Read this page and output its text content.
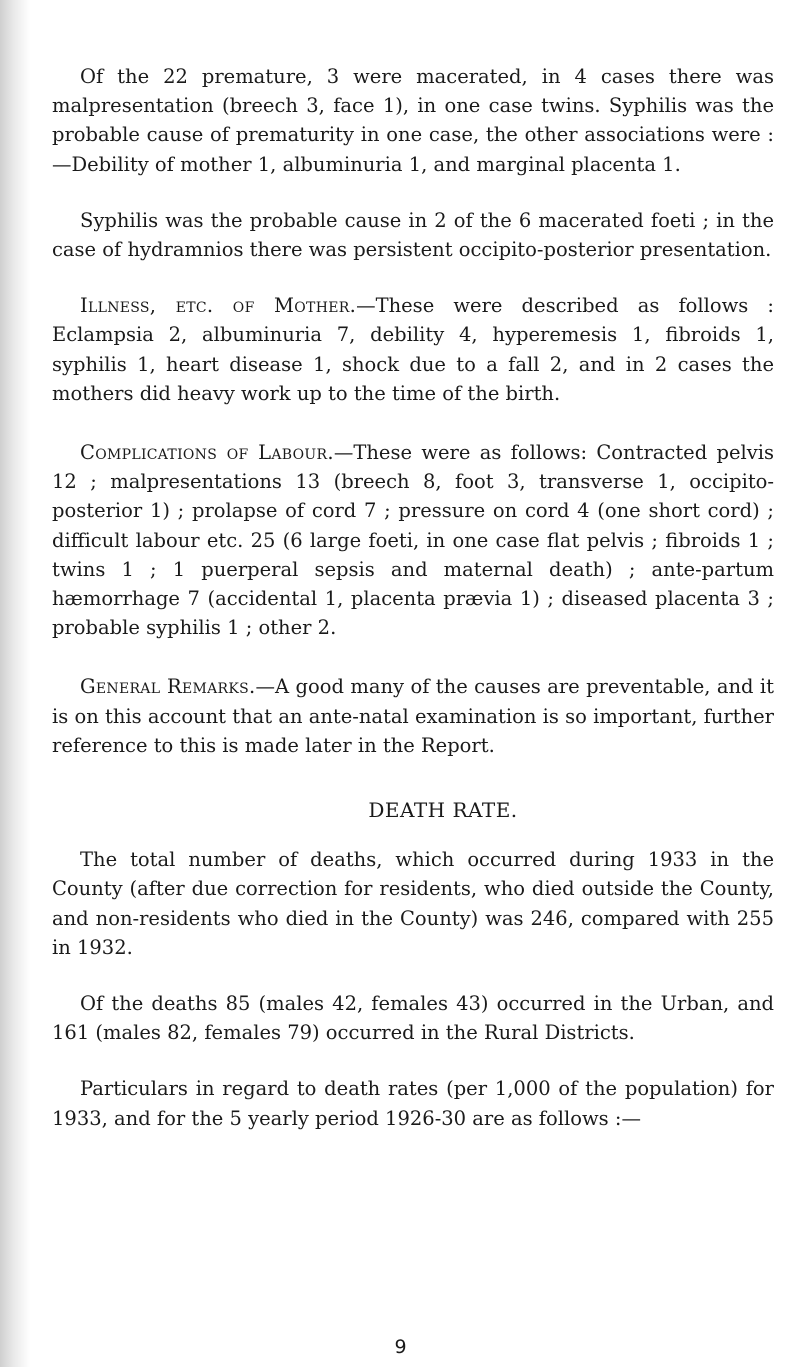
Of the 22 premature, 3 were macerated, in 4 cases there was malpresentation (breech 3, face 1), in one case twins. Syphilis was the probable cause of prematurity in one case, the other associations were :—Debility of mother 1, albuminuria 1, and marginal placenta 1.

Syphilis was the probable cause in 2 of the 6 macerated foeti ; in the case of hydramnios there was persistent occipito-posterior presentation.

Illness, etc. of Mother.—These were described as follows : Eclampsia 2, albuminuria 7, debility 4, hyperemesis 1, fibroids 1, syphilis 1, heart disease 1, shock due to a fall 2, and in 2 cases the mothers did heavy work up to the time of the birth.

Complications of Labour.—These were as follows: Contracted pelvis 12 ; malpresentations 13 (breech 8, foot 3, transverse 1, occipito-posterior 1) ; prolapse of cord 7 ; pressure on cord 4 (one short cord) ; difficult labour etc. 25 (6 large foeti, in one case flat pelvis ; fibroids 1 ; twins 1 ; 1 puerperal sepsis and maternal death) ; ante-partum hæmorrhage 7 (accidental 1, placenta prævia 1) ; diseased placenta 3 ; probable syphilis 1 ; other 2.

General Remarks.—A good many of the causes are preventable, and it is on this account that an ante-natal examination is so important, further reference to this is made later in the Report.

DEATH RATE.

The total number of deaths, which occurred during 1933 in the County (after due correction for residents, who died outside the County, and non-residents who died in the County) was 246, compared with 255 in 1932.

Of the deaths 85 (males 42, females 43) occurred in the Urban, and 161 (males 82, females 79) occurred in the Rural Districts.

Particulars in regard to death rates (per 1,000 of the population) for 1933, and for the 5 yearly period 1926-30 are as follows :—

9
